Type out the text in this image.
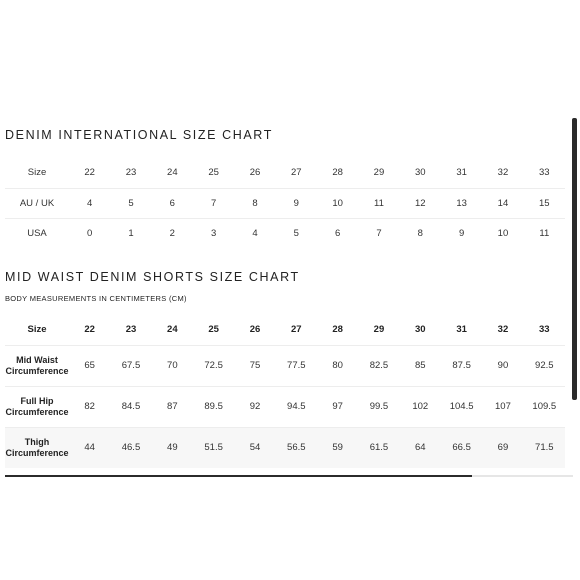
DENIM INTERNATIONAL SIZE CHART
Size	22	23	24	25	26	27	28	29	30	31	32	33
AU / UK	4	5	6	7	8	9	10	11	12	13	14	15
USA	0	1	2	3	4	5	6	7	8	9	10	11
MID WAIST DENIM SHORTS SIZE CHART
BODY MEASUREMENTS IN CENTIMETERS (CM)
Size	22	23	24	25	26	27	28	29	30	31	32	33
Mid Waist
Circumference	65	67.5	70	72.5	75	77.5	80	82.5	85	87.5	90	92.5
Full Hip
Circumference	82	84.5	87	89.5	92	94.5	97	99.5	102	104.5	107	109.5
Thigh
Circumference	44	46.5	49	51.5	54	56.5	59	61.5	64	66.5	69	71.5
